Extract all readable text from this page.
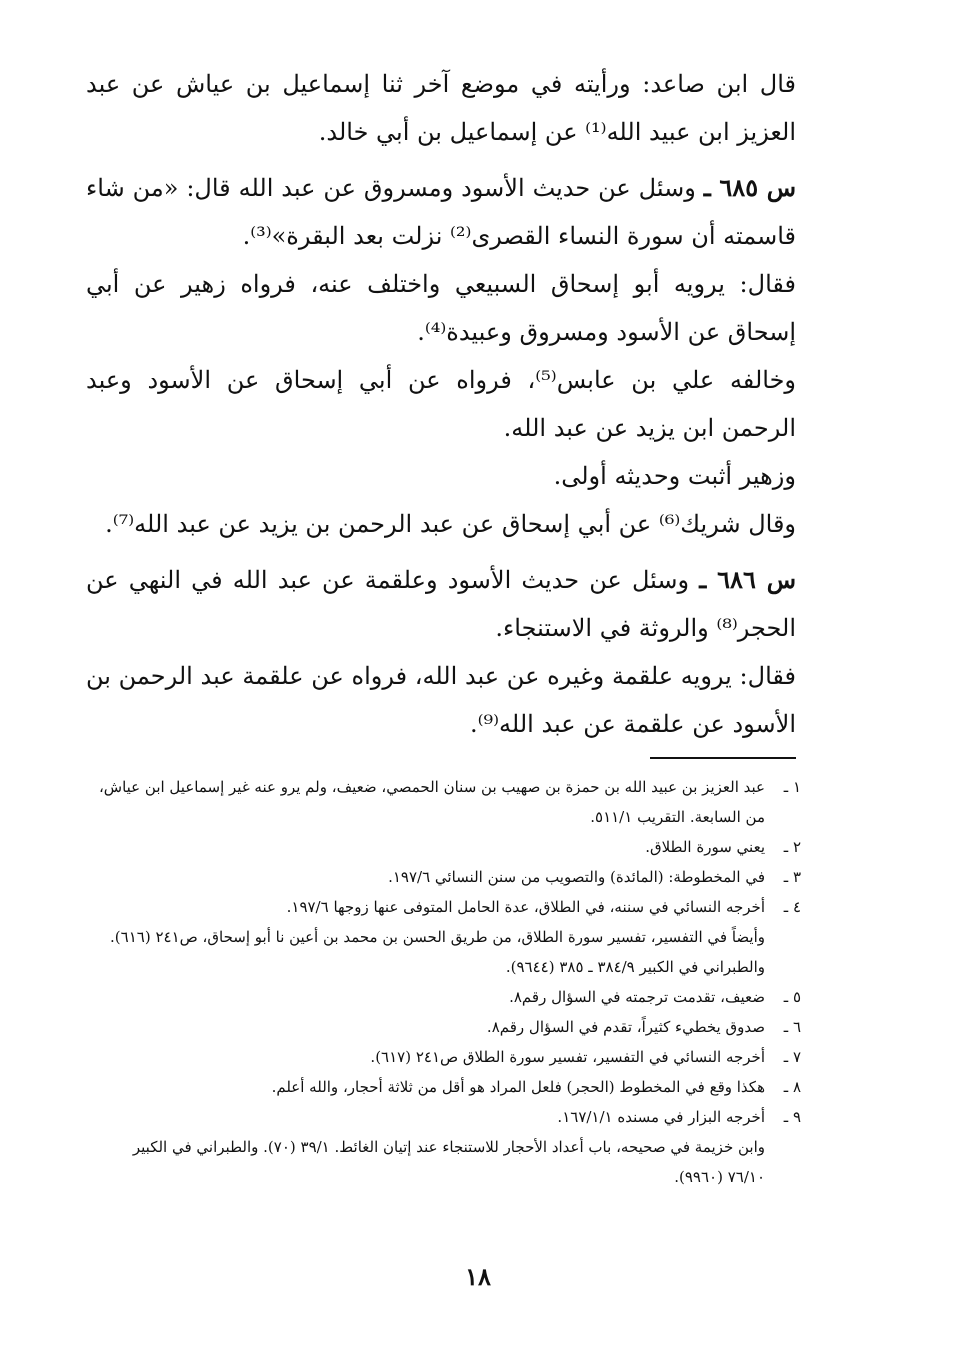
قال ابن صاعد: ورأيته في موضع آخر ثنا إسماعيل بن عياش عن عبد العزيز ابن عبيد الله⁽¹⁾ عن إسماعيل بن أبي خالد.

س ٦٨٥ ـ وسئل عن حديث الأسود ومسروق عن عبد الله قال: «من شاء قاسمته أن سورة النساء القصرى⁽²⁾ نزلت بعد البقرة»⁽³⁾.

فقال: يرويه أبو إسحاق السبيعي واختلف عنه، فرواه زهير عن أبي إسحاق عن الأسود ومسروق وعبيدة⁽⁴⁾.

وخالفه علي بن عابس⁽⁵⁾، فرواه عن أبي إسحاق عن الأسود وعبد الرحمن ابن يزيد عن عبد الله.

وزهير أثبت وحديثه أولى.

وقال شريك⁽⁶⁾ عن أبي إسحاق عن عبد الرحمن بن يزيد عن عبد الله⁽⁷⁾.

س ٦٨٦ ـ وسئل عن حديث الأسود وعلقمة عن عبد الله في النهي عن الحجر⁽⁸⁾ والروثة في الاستنجاء.

فقال: يرويه علقمة وغيره عن عبد الله، فرواه عن علقمة عبد الرحمن بن الأسود عن علقمة عن عبد الله⁽⁹⁾.

١ ـ
عبد العزيز بن عبيد الله بن حمزة بن صهيب بن سنان الحمصي، ضعيف، ولم يرو عنه غير إسماعيل ابن عياش، من السابعة. التقريب ٥١١/١.
٢ ـ
يعني سورة الطلاق.
٣ ـ
في المخطوطة: (المائدة) والتصويب من سنن النسائي ١٩٧/٦.
٤ ـ
أخرجه النسائي في سننه، في الطلاق، عدة الحامل المتوفى عنها زوجها ١٩٧/٦.
وأيضاً في التفسير، تفسير سورة الطلاق، من طريق الحسن بن محمد بن أعين نا أبو إسحاق، ص٢٤١ (٦١٦). والطبراني في الكبير ٣٨٤/٩ ـ ٣٨٥ (٩٦٤٤).
٥ ـ
ضعيف، تقدمت ترجمته في السؤال رقم٨.
٦ ـ
صدوق يخطيء كثيراً، تقدم في السؤال رقم٨.
٧ ـ
أخرجه النسائي في التفسير، تفسير سورة الطلاق ص٢٤١ (٦١٧).
٨ ـ
هكذا وقع في المخطوط (الحجر) فلعل المراد هو أقل من ثلاثة أحجار، والله أعلم.
٩ ـ
أخرجه البزار في مسنده ١٦٧/١/١.
وابن خزيمة في صحيحه، باب أعداد الأحجار للاستنجاء عند إتيان الغائط. ٣٩/١ (٧٠). والطبراني في الكبير ٧٦/١٠ (٩٩٦٠).
١٨
